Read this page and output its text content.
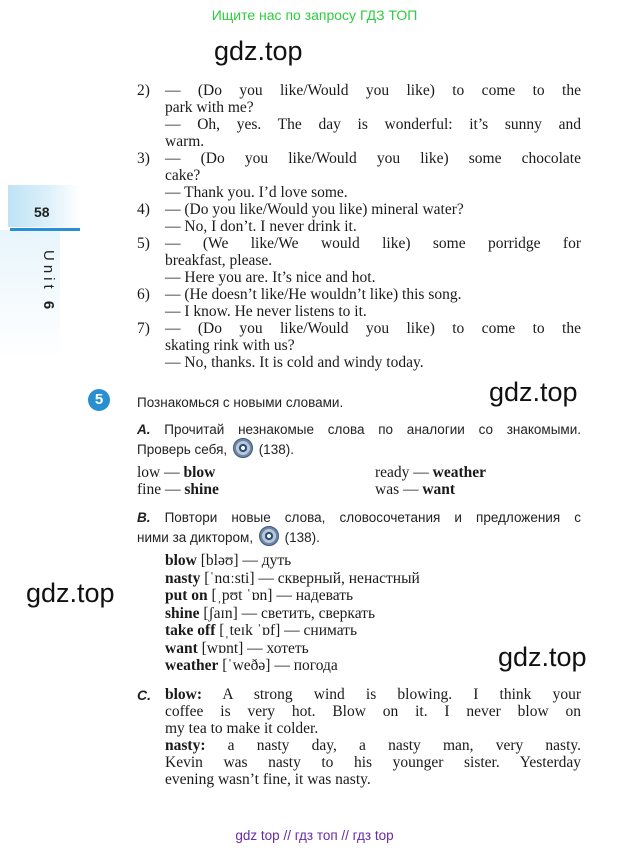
Ищите нас по запросу ГДЗ ТОП
gdz.top
gdz.top
gdz.top
gdz.top
58
Unit 6
2) — (Do you like/Would you like) to come to the
park with me?
— Oh, yes. The day is wonderful: it’s sunny and
warm.
3) — (Do you like/Would you like) some chocolate
cake?
— Thank you. I’d love some.
4) — (Do you like/Would you like) mineral water?
— No, I don’t. I never drink it.
5) — (We like/We would like) some porridge for
breakfast, please.
— Here you are. It’s nice and hot.
6) — (He doesn’t like/He wouldn’t like) this song.
— I know. He never listens to it.
7) — (Do you like/Would you like) to come to the
skating rink with us?
— No, thanks. It is cold and windy today.
5	Познакомься с новыми словами.
A. Прочитай незнакомые слова по аналогии со знакомыми.
Проверь себя, (138).
low — blow
fine — shine
ready — weather
was — want
B. Повтори новые слова, словосочетания и предложения с
ними за диктором, (138).
blow [bləʊ] — дуть
nasty [ˈnɑːsti] — скверный, ненастный
put on [ˌpʊt ˈɒn] — надевать
shine [ʃaɪn] — светить, сверкать
take off [ˌteɪk ˈɒf] — снимать
want [wɒnt] — хотеть
weather [ˈweðə] — погода
C. blow: A strong wind is blowing. I think your
coffee is very hot. Blow on it. I never blow on
my tea to make it colder.
nasty: a nasty day, a nasty man, very nasty.
Kevin was nasty to his younger sister. Yesterday
evening wasn’t fine, it was nasty.
gdz top // гдз топ // гдз top
